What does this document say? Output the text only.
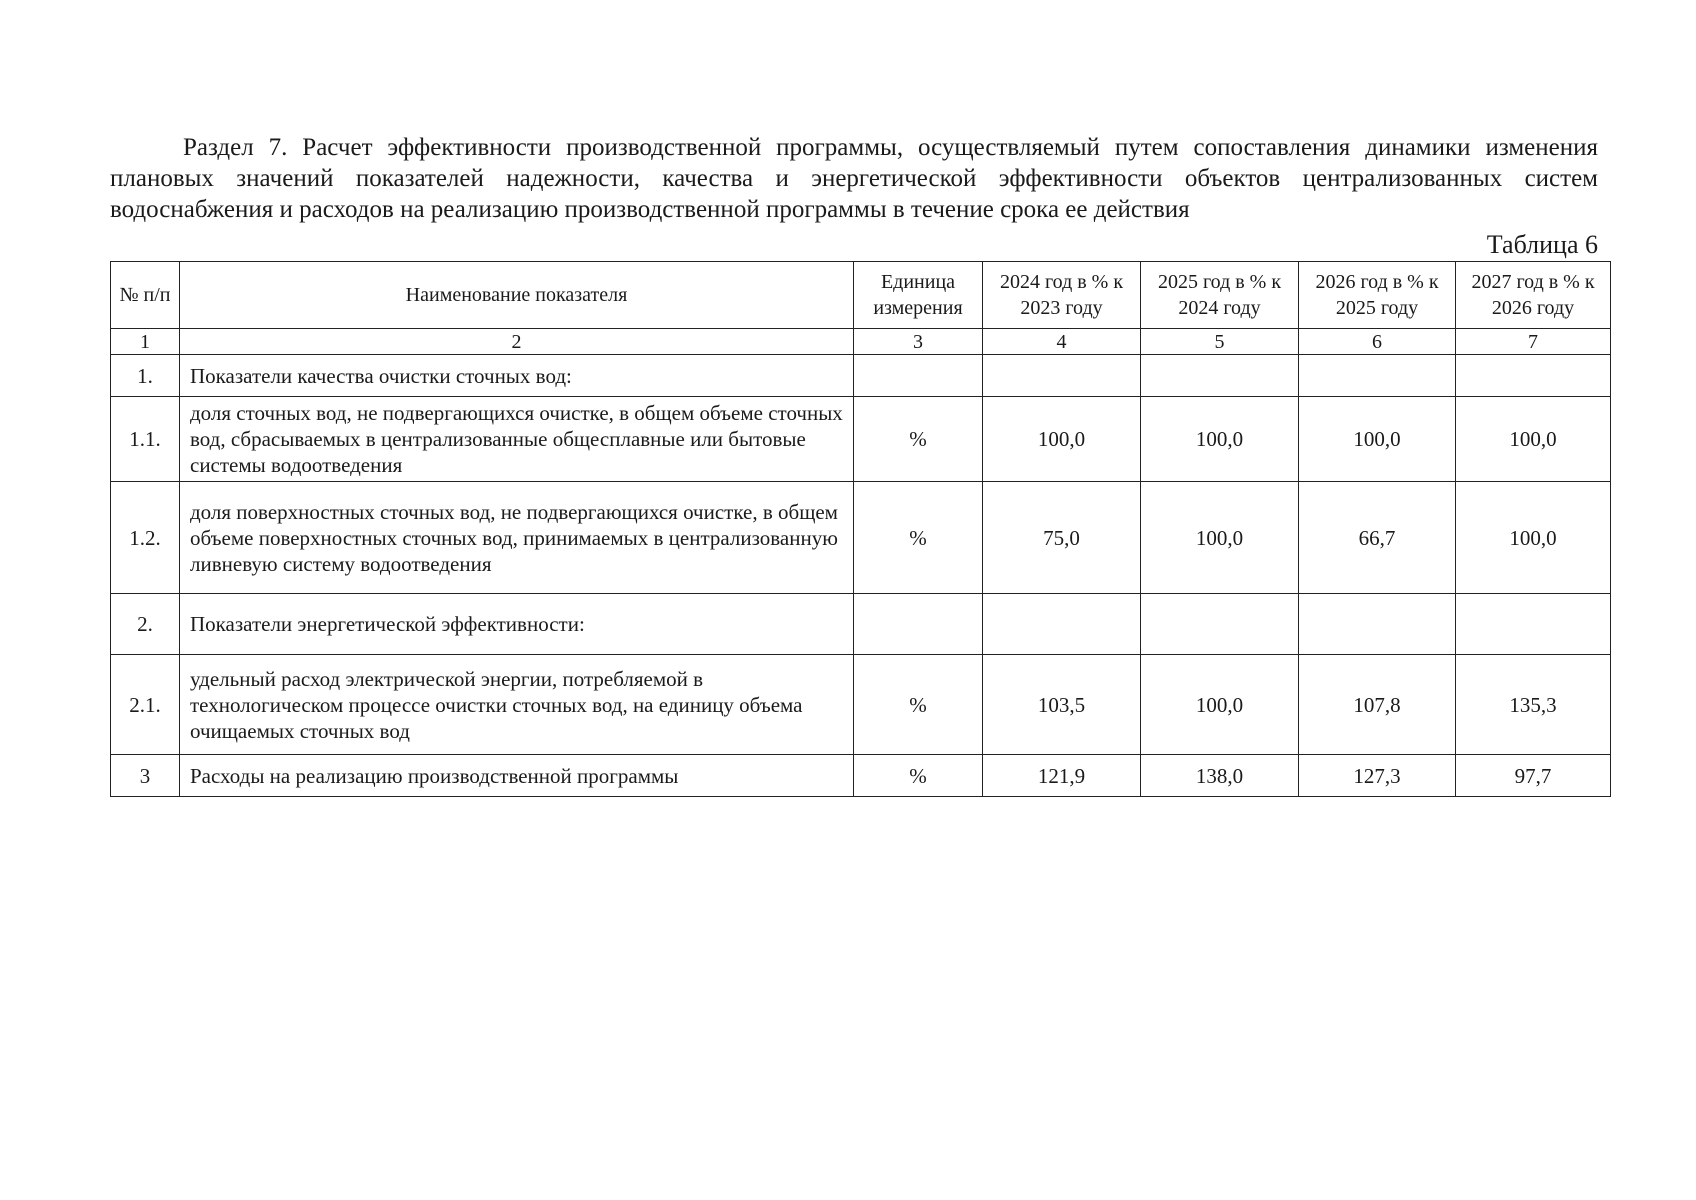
Раздел 7. Расчет эффективности производственной программы, осуществляемый путем сопоставления динамики изменения плановых значений показателей надежности, качества и энергетической эффективности объектов централизованных систем водоснабжения и расходов на реализацию производственной программы в течение срока ее действия

Таблица 6
№ п/п	Наименование показателя	Единица измерения	2024 год в % к 2023 году	2025 год в % к 2024 году	2026 год в % к 2025 году	2027 год в % к 2026 году
1	2	3	4	5	6	7
1.	Показатели качества очистки сточных вод:					
1.1.	доля сточных вод, не подвергающихся очистке, в общем объеме сточных вод, сбрасываемых в централизованные общесплавные или бытовые системы водоотведения	%	100,0	100,0	100,0	100,0
1.2.	доля поверхностных сточных вод, не подвергающихся очистке, в общем объеме поверхностных сточных вод, принимаемых в централизованную ливневую систему водоотведения	%	75,0	100,0	66,7	100,0
2.	Показатели энергетической эффективности:					
2.1.	удельный расход электрической энергии, потребляемой в технологическом процессе очистки сточных вод, на единицу объема очищаемых сточных вод	%	103,5	100,0	107,8	135,3
3	Расходы на реализацию производственной программы	%	121,9	138,0	127,3	97,7
